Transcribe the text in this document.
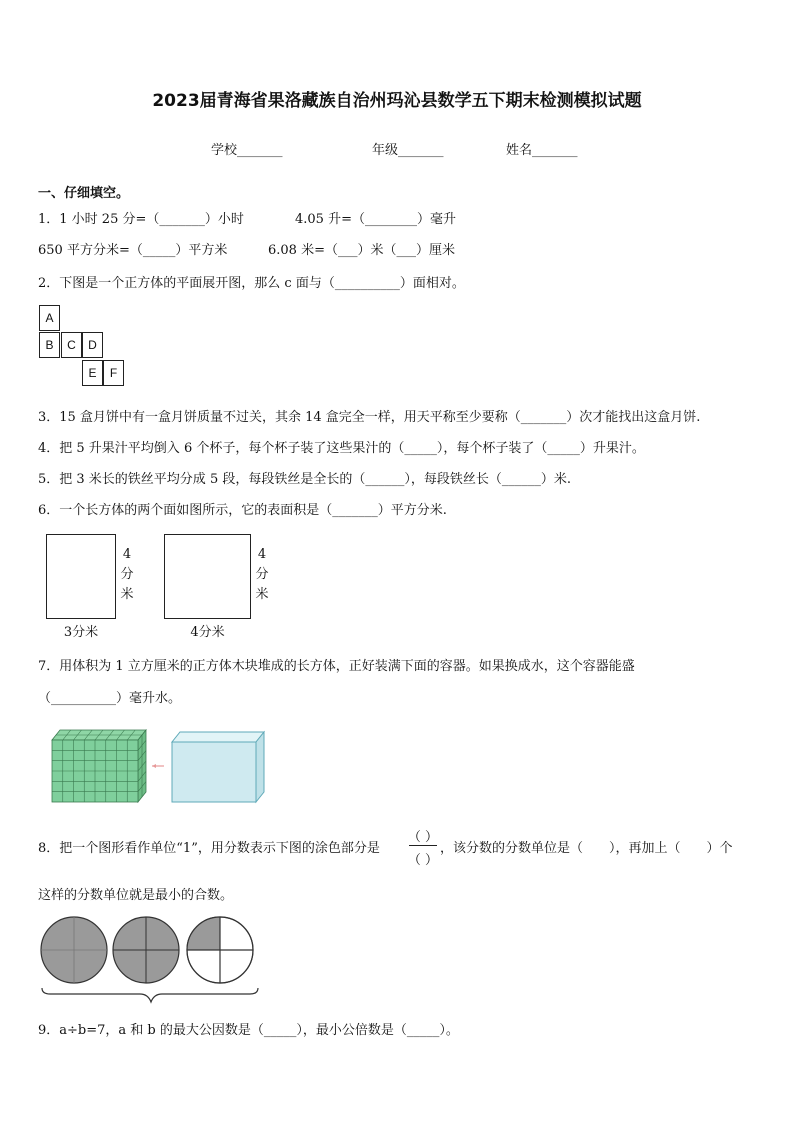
2023届青海省果洛藏族自治州玛沁县数学五下期末检测模拟试题
学校_______	年级_______	姓名_______
一、仔细填空。
1．1 小时 25 分=（_______）小时	4.05 升=（________）毫升
650 平方分米=（_____）平方米	6.08 米=（___）米（___）厘米
2．下图是一个正方体的平面展开图，那么 c 面与（__________）面相对。
A
B	C	D
E	F
3．15 盒月饼中有一盒月饼质量不过关，其余 14 盒完全一样，用天平称至少要称（_______）次才能找出这盒月饼.
4．把 5 升果汁平均倒入 6 个杯子，每个杯子装了这些果汁的（_____），每个杯子装了（_____）升果汁。
5．把 3 米长的铁丝平均分成 5 段，每段铁丝是全长的（______），每段铁丝长（______）米.
6．一个长方体的两个面如图所示，它的表面积是（_______）平方分米.
4
分
米
3分米
4
分
米
4分米
7．用体积为 1 立方厘米的正方体木块堆成的长方体，正好装满下面的容器。如果换成水，这个容器能盛
（__________）毫升水。
8．把一个图形看作单位“1”，用分数表示下图的涂色部分是
（ ）
（ ）
，该分数的分数单位是（　　），再加上（　　）个
这样的分数单位就是最小的合数。
9．a÷b=7，a 和 b 的最大公因数是（_____），最小公倍数是（_____）。
